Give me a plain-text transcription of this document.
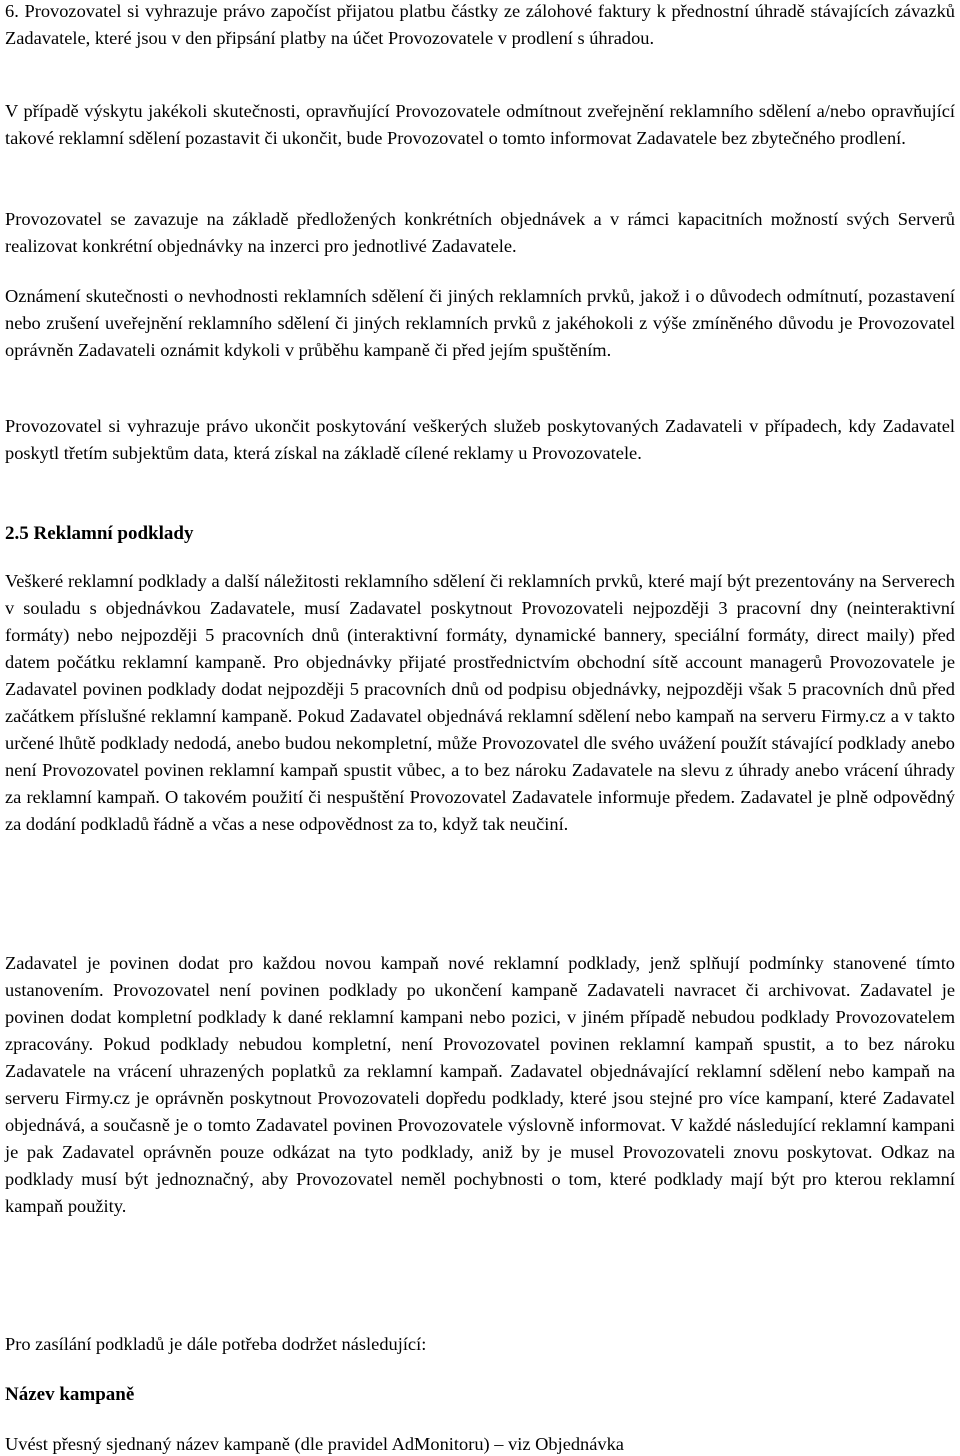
6. Provozovatel si vyhrazuje právo započíst přijatou platbu částky ze zálohové faktury k přednostní úhradě stávajících závazků Zadavatele, které jsou v den připsání platby na účet Provozovatele v prodlení s úhradou.
V případě výskytu jakékoli skutečnosti, opravňující Provozovatele odmítnout zveřejnění reklamního sdělení a/nebo opravňující takové reklamní sdělení pozastavit či ukončit, bude Provozovatel o tomto informovat Zadavatele bez zbytečného prodlení.
Provozovatel se zavazuje na základě předložených konkrétních objednávek a v rámci kapacitních možností svých Serverů realizovat konkrétní objednávky na inzerci pro jednotlivé Zadavatele.
Oznámení skutečnosti o nevhodnosti reklamních sdělení či jiných reklamních prvků, jakož i o důvodech odmítnutí, pozastavení nebo zrušení uveřejnění reklamního sdělení či jiných reklamních prvků z jakéhokoli z výše zmíněného důvodu je Provozovatel oprávněn Zadavateli oznámit kdykoli v průběhu kampaně či před jejím spuštěním.
Provozovatel si vyhrazuje právo ukončit poskytování veškerých služeb poskytovaných Zadavateli v případech, kdy Zadavatel poskytl třetím subjektům data, která získal na základě cílené reklamy u Provozovatele.
2.5 Reklamní podklady
Veškeré reklamní podklady a další náležitosti reklamního sdělení či reklamních prvků, které mají být prezentovány na Serverech v souladu s objednávkou Zadavatele, musí Zadavatel poskytnout Provozovateli nejpozději 3 pracovní dny (neinteraktivní formáty) nebo nejpozději 5 pracovních dnů (interaktivní formáty, dynamické bannery, speciální formáty, direct maily) před datem počátku reklamní kampaně. Pro objednávky přijaté prostřednictvím obchodní sítě account managerů Provozovatele je Zadavatel povinen podklady dodat nejpozději 5 pracovních dnů od podpisu objednávky, nejpozději však 5 pracovních dnů před začátkem příslušné reklamní kampaně. Pokud Zadavatel objednává reklamní sdělení nebo kampaň na serveru Firmy.cz a v takto určené lhůtě podklady nedodá, anebo budou nekompletní, může Provozovatel dle svého uvážení použít stávající podklady anebo není Provozovatel povinen reklamní kampaň spustit vůbec, a to bez nároku Zadavatele na slevu z úhrady anebo vrácení úhrady za reklamní kampaň. O takovém použití či nespuštění Provozovatel Zadavatele informuje předem. Zadavatel je plně odpovědný za dodání podkladů řádně a včas a nese odpovědnost za to, když tak neučiní.
Zadavatel je povinen dodat pro každou novou kampaň nové reklamní podklady, jenž splňují podmínky stanovené tímto ustanovením. Provozovatel není povinen podklady po ukončení kampaně Zadavateli navracet či archivovat. Zadavatel je povinen dodat kompletní podklady k dané reklamní kampani nebo pozici, v jiném případě nebudou podklady Provozovatelem zpracovány. Pokud podklady nebudou kompletní, není Provozovatel povinen reklamní kampaň spustit, a to bez nároku Zadavatele na vrácení uhrazených poplatků za reklamní kampaň. Zadavatel objednávající reklamní sdělení nebo kampaň na serveru Firmy.cz je oprávněn poskytnout Provozovateli dopředu podklady, které jsou stejné pro více kampaní, které Zadavatel objednává, a současně je o tomto Zadavatel povinen Provozovatele výslovně informovat. V každé následující reklamní kampani je pak Zadavatel oprávněn pouze odkázat na tyto podklady, aniž by je musel Provozovateli znovu poskytovat. Odkaz na podklady musí být jednoznačný, aby Provozovatel neměl pochybnosti o tom, které podklady mají být pro kterou reklamní kampaň použity.
Pro zasílání podkladů je dále potřeba dodržet následující:
Název kampaně
Uvést přesný sjednaný název kampaně (dle pravidel AdMonitoru) – viz Objednávka
